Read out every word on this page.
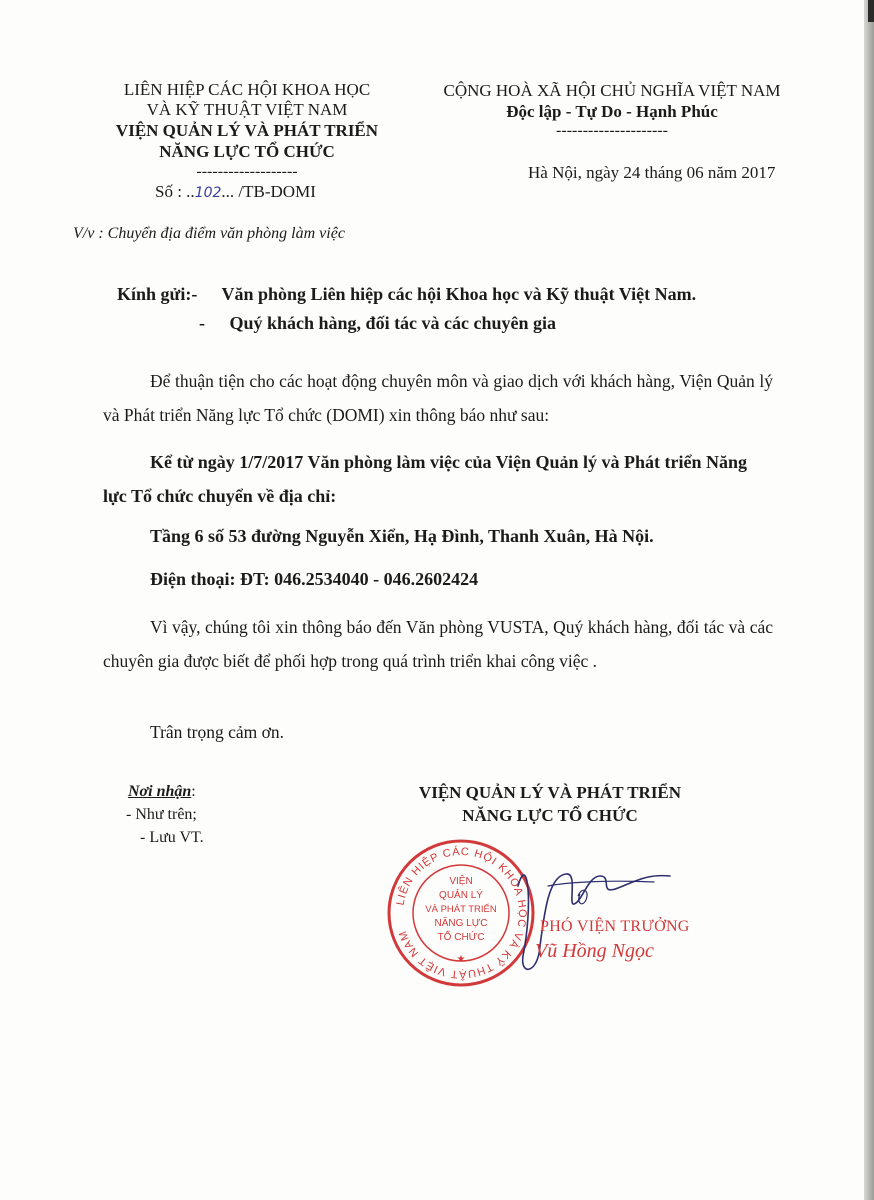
LIÊN HIỆP CÁC HỘI KHOA HỌC
VÀ KỸ THUẬT VIỆT NAM
VIỆN QUẢN LÝ VÀ PHÁT TRIỂN
NĂNG LỰC TỔ CHỨC
-------------------
Số : ..102... /TB-DOMI
V/v : Chuyển địa điểm văn phòng làm việc
CỘNG HOÀ XÃ HỘI CHỦ NGHĨA VIỆT NAM
Độc lập - Tự Do - Hạnh Phúc
---------------------
Hà Nội, ngày 24 tháng 06 năm 2017
Kính gửi:- Văn phòng Liên hiệp các hội Khoa học và Kỹ thuật Việt Nam.
- Quý khách hàng, đối tác và các chuyên gia
Để thuận tiện cho các hoạt động chuyên môn và giao dịch với khách hàng, Viện Quản lý và Phát triển Năng lực Tổ chức (DOMI) xin thông báo như sau:
Kể từ ngày 1/7/2017 Văn phòng làm việc của Viện Quản lý và Phát triển Năng lực Tổ chức chuyển về địa chỉ:
Tầng 6 số 53 đường Nguyễn Xiển, Hạ Đình, Thanh Xuân, Hà Nội.
Điện thoại: ĐT: 046.2534040 - 046.2602424
Vì vậy, chúng tôi xin thông báo đến Văn phòng VUSTA, Quý khách hàng, đối tác và các chuyên gia được biết để phối hợp trong quá trình triển khai công việc .
Trân trọng cảm ơn.
Nơi nhận:
- Như trên;
- Lưu VT.
VIỆN QUẢN LÝ VÀ PHÁT TRIỂN
NĂNG LỰC TỔ CHỨC
LIÊN HIỆP CÁC HỘI KHOA HỌC VÀ KỸ THUẬT VIỆT NAM
VIỆN
QUẢN LÝ
VÀ PHÁT TRIỂN
NĂNG LỰC
TỔ CHỨC
★
PHÓ VIỆN TRƯỞNG
Vũ Hồng Ngọc
